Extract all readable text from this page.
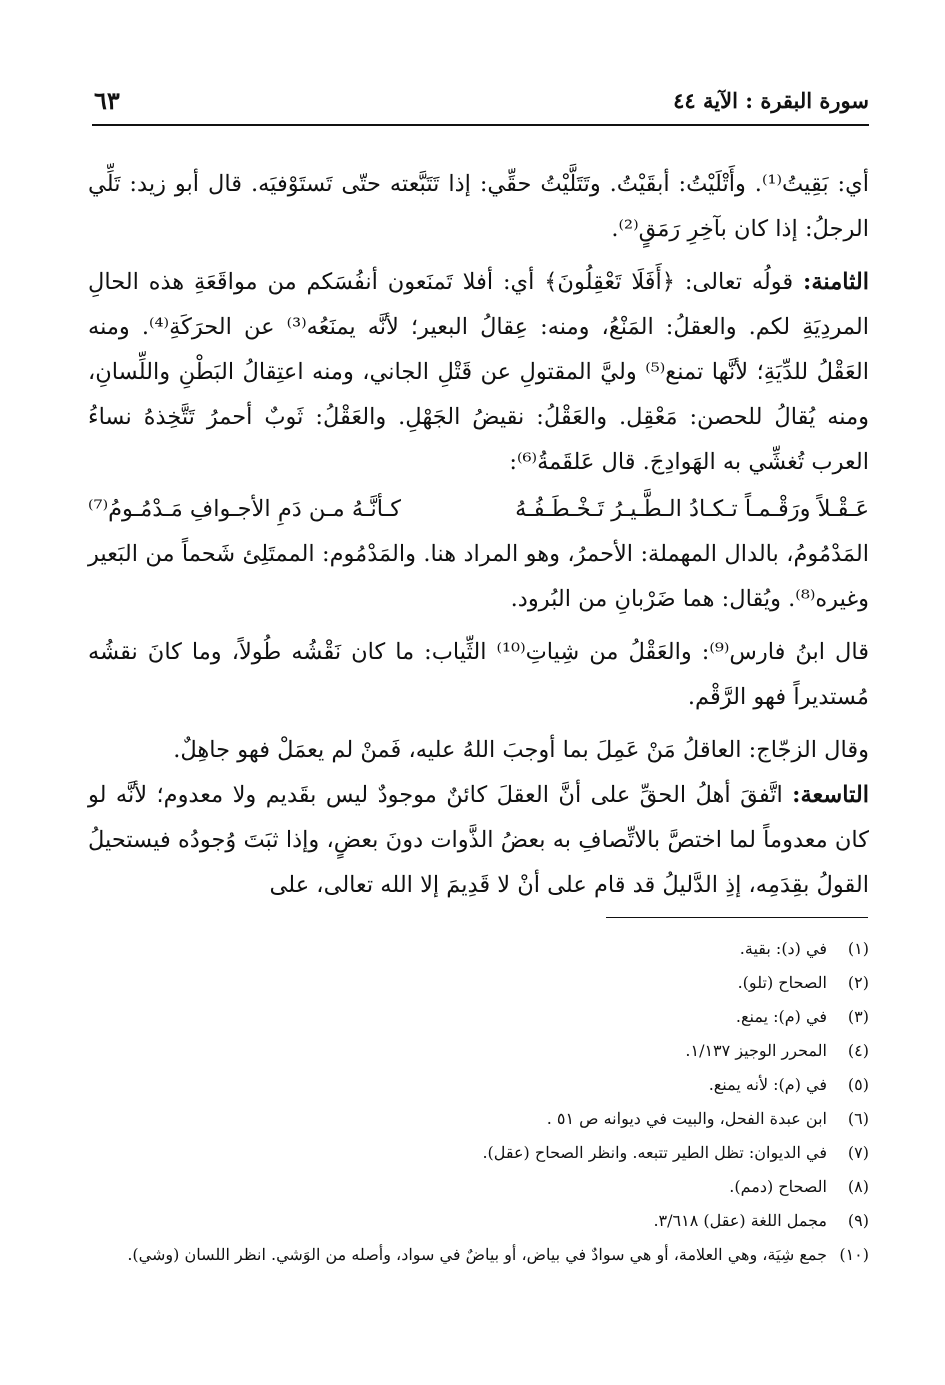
سورة البقرة : الآية ٤٤
٦٣

أي: بَقِيتُ⁽¹⁾. وأَتْلَيْتُ: أبقَيْتُ. وتَتَلَّيْتُ حقِّي: إذا تَتَبَّعته حتّى تَستَوْفيَه. قال أبو زيد: تَلِّي الرجلُ: إذا كان بآخِرِ رَمَقٍ⁽²⁾.

الثامنة: قولُه تعالى: ﴿أَفَلَا تَعْقِلُونَ﴾ أي: أفلا تَمنَعون أنفُسَكم من مواقَعَةِ هذه الحالِ المردِيَةِ لكم. والعقلُ: المَنْعُ، ومنه: عِقالُ البعير؛ لأنَّه يمنَعُه⁽³⁾ عن الحرَكَةِ⁽⁴⁾. ومنه العَقْلُ للدِّيَةِ؛ لأنَّها تمنع⁽⁵⁾ وليَّ المقتولِ عن قَتْلِ الجاني، ومنه اعتِقالُ البَطْنِ واللِّسانِ، ومنه يُقالُ للحصن: مَعْقِل. والعَقْلُ: نقيضُ الجَهْلِ. والعَقْلُ: ثَوبٌ أحمرُ تَتَّخِذهُ نساءُ العرب تُغشِّي به الهَوادِجَ. قال عَلقَمةُ⁽⁶⁾:

عَـقْـلاً ورَقْـمـاً تـكـادُ الـطَّـيـرُ تَـخْـطَـفُـهُ
كـأنَّـهُ مـن دَمِ الأجـوافِ مَـدْمُـومُ⁽⁷⁾

المَدْمُومُ، بالدال المهملة: الأحمرُ، وهو المراد هنا. والمَدْمُوم: الممتَلِئ شَحماً من البَعير وغيره⁽⁸⁾. ويُقال: هما ضَرْبانِ من البُرود.

قال ابنُ فارس⁽⁹⁾: والعَقْلُ من شِياتِ⁽¹⁰⁾ الثِّياب: ما كان نَقْشُه طُولاً، وما كانَ نقشُه مُستديراً فهو الرَّقْم.

وقال الزجّاج: العاقلُ مَنْ عَمِلَ بما أوجبَ اللهُ عليه، فَمنْ لم يعمَلْ فهو جاهِلٌ.

التاسعة: اتَّفقَ أهلُ الحقِّ على أنَّ العقلَ كائنٌ موجودٌ ليس بقَديم ولا معدوم؛ لأنَّه لو كان معدوماً لما اختصَّ بالاتِّصافِ به بعضُ الذَّوات دونَ بعضٍ، وإذا ثبَتَ وُجودُه فيستحيلُ القولُ بقِدَمِه، إذِ الدَّليلُ قد قام على أنْ لا قَدِيمَ إلا الله تعالى، على

(١)
في (د): بقية.
(٢)
الصحاح (تلو).
(٣)
في (م): يمنع.
(٤)
المحرر الوجيز ١/١٣٧.
(٥)
في (م): لأنه يمنع.
(٦)
ابن عبدة الفحل، والبيت في ديوانه ص ٥١ .
(٧)
في الديوان: تظل الطير تتبعه. وانظر الصحاح (عقل).
(٨)
الصحاح (دمم).
(٩)
مجمل اللغة (عقل) ٣/٦١٨.
(١٠)
جمع شِيَة، وهي العلامة، أو هي سوادٌ في بياض، أو بياضٌ في سواد، وأصله من الوَشي. انظر اللسان (وشي).
